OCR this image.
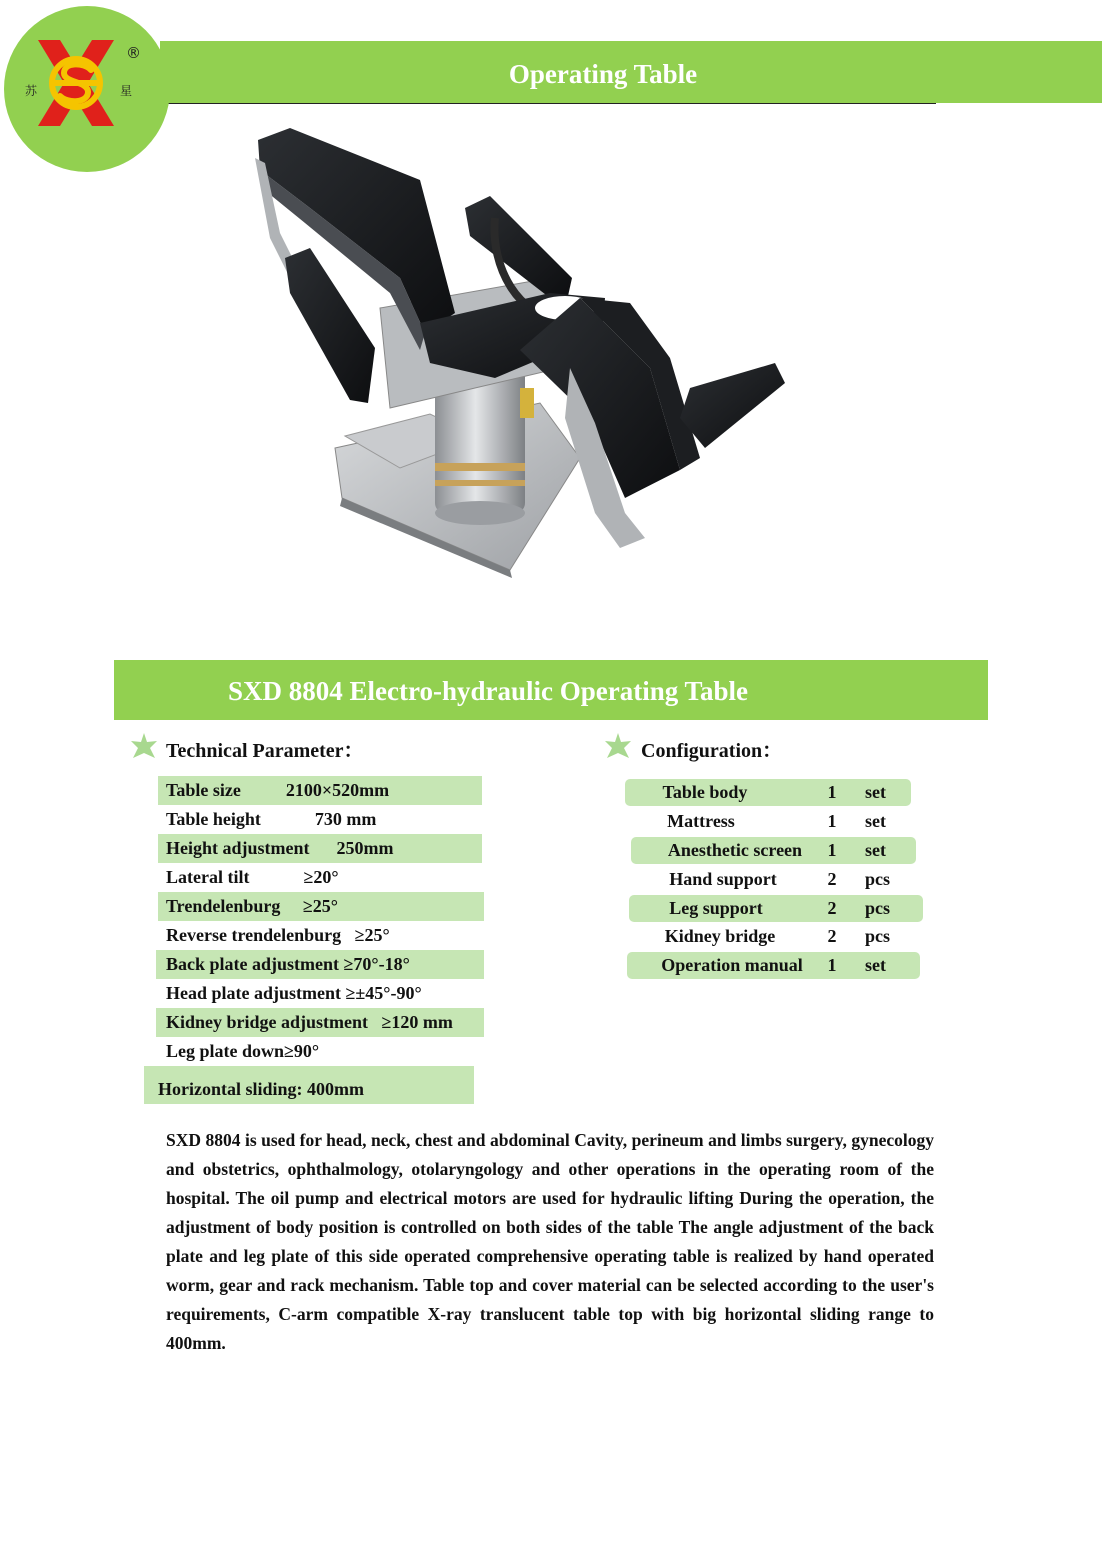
Operating Table
®
苏	星
SXD 8804 Electro-hydraulic Operating Table
Technical Parameter：
Table size          2100×520mm
Table height            730 mm
Height adjustment      250mm
Lateral tilt            ≥20°
Trendelenburg     ≥25°
Reverse trendelenburg   ≥25°
Back plate adjustment ≥70°-18°
Head plate adjustment ≥±45°-90°
Kidney bridge adjustment   ≥120 mm
Leg plate down≥90°
Horizontal sliding: 400mm
Configuration：
Table body	1 set
Mattress	1 set
Anesthetic screen	1 set
Hand support	2 pcs
Leg support	2 pcs
Kidney bridge	2 pcs
Operation manual	1 set
SXD 8804 is used for head, neck, chest and abdominal Cavity, perineum and limbs surgery, gynecology and obstetrics, ophthalmology, otolaryngology and other operations in the operating room of the hospital. The oil pump and electrical motors are used for hydraulic lifting During the operation, the adjustment of body position is controlled on both sides of the table The angle adjustment of the back plate and leg plate of this side operated comprehensive operating table is realized by hand operated worm, gear and rack mechanism. Table top and cover material can be selected according to the user's requirements, C-arm compatible X-ray translucent table top with big horizontal sliding range to 400mm.
